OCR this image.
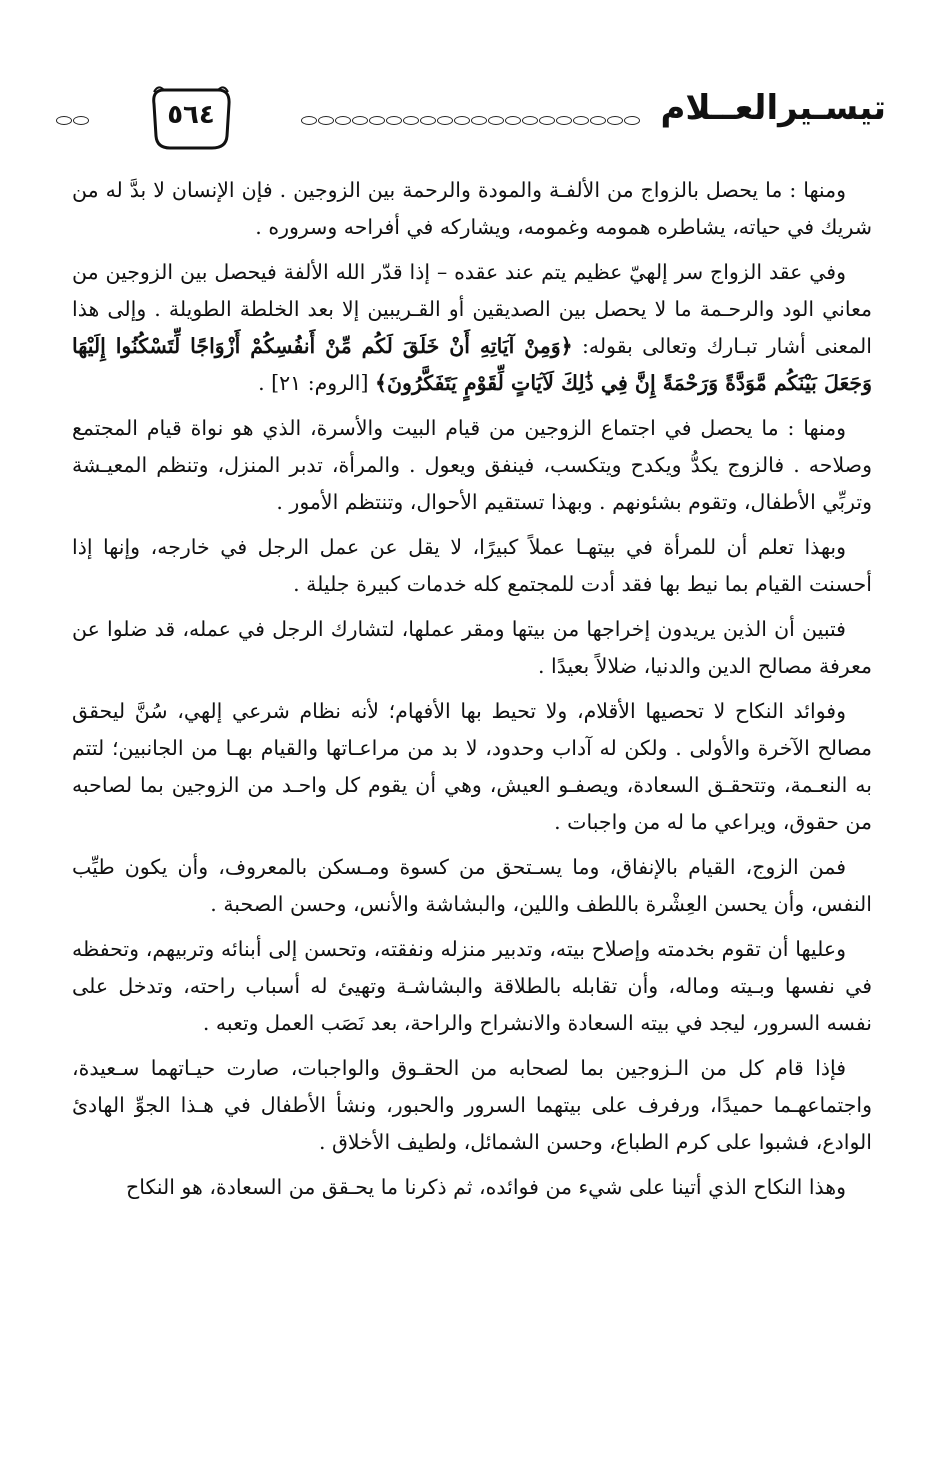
تيسـيرالعــلام
٥٦٤

ومنها : ما يحصل بالزواج من الألفـة والمودة والرحمة بين الزوجين . فإن الإنسان لا بدَّ له من شريك في حياته، يشاطره همومه وغمومه، ويشاركه في أفراحه وسروره .

وفي عقد الزواج سر إلهيّ عظيم يتم عند عقده – إذا قدّر الله الألفة فيحصل بين الزوجين من معاني الود والرحـمة ما لا يحصل بين الصديقين أو القـريبين إلا بعد الخلطة الطويلة . وإلى هذا المعنى أشار تبـارك وتعالى بقوله: ﴿وَمِنْ آيَاتِهِ أَنْ خَلَقَ لَكُم مِّنْ أَنفُسِكُمْ أَزْوَاجًا لِّتَسْكُنُوا إِلَيْهَا وَجَعَلَ بَيْنَكُم مَّوَدَّةً وَرَحْمَةً إِنَّ فِي ذَٰلِكَ لَآيَاتٍ لِّقَوْمٍ يَتَفَكَّرُونَ﴾ [الروم: ٢١] .

ومنها : ما يحصل في اجتماع الزوجين من قيام البيت والأسرة، الذي هو نواة قيام المجتمع وصلاحه . فالزوج يكدُّ ويكدح ويتكسب، فينفق ويعول . والمرأة، تدبر المنزل، وتنظم المعيـشة وتربِّي الأطفال، وتقوم بشئونهم . وبهذا تستقيم الأحوال، وتنتظم الأمور .

وبهذا تعلم أن للمرأة في بيتهـا عملاً كبيرًا، لا يقل عن عمل الرجل في خارجه، وإنها إذا أحسنت القيام بما نيط بها فقد أدت للمجتمع كله خدمات كبيرة جليلة .

فتبين أن الذين يريدون إخراجها من بيتها ومقر عملها، لتشارك الرجل في عمله، قد ضلوا عن معرفة مصالح الدين والدنيا، ضلالاً بعيدًا .

وفوائد النكاح لا تحصيها الأقلام، ولا تحيط بها الأفهام؛ لأنه نظام شرعي إلهي، سُنَّ ليحقق مصالح الآخرة والأولى . ولكن له آداب وحدود، لا بد من مراعـاتها والقيام بهـا من الجانبين؛ لتتم به النعـمة، وتتحقـق السعادة، ويصفـو العيش، وهي أن يقوم كل واحـد من الزوجين بما لصاحبه من حقوق، ويراعي ما له من واجبات .

فمن الزوج، القيام بالإنفاق، وما يسـتحق من كسوة ومـسكن بالمعروف، وأن يكون طيِّب النفس، وأن يحسن العِشْرة باللطف واللين، والبشاشة والأنس، وحسن الصحبة .

وعليها أن تقوم بخدمته وإصلاح بيته، وتدبير منزله ونفقته، وتحسن إلى أبنائه وتربيهم، وتحفظه في نفسها وبـيته وماله، وأن تقابله بالطلاقة والبشاشـة وتهيئ له أسباب راحته، وتدخل على نفسه السرور، ليجد في بيته السعادة والانشراح والراحة، بعد نَصَب العمل وتعبه .

فإذا قام كل من الـزوجين بما لصحابه من الحقـوق والواجبات، صارت حيـاتهما سـعيدة، واجتماعهـما حميدًا، ورفرف على بيتهما السرور والحبور، ونشأ الأطفال في هـذا الجوِّ الهادئ الوادع، فشبوا على كرم الطباع، وحسن الشمائل، ولطيف الأخلاق .

وهذا النكاح الذي أتينا على شيء من فوائده، ثم ذكرنا ما يحـقق من السعادة، هو النكاح
